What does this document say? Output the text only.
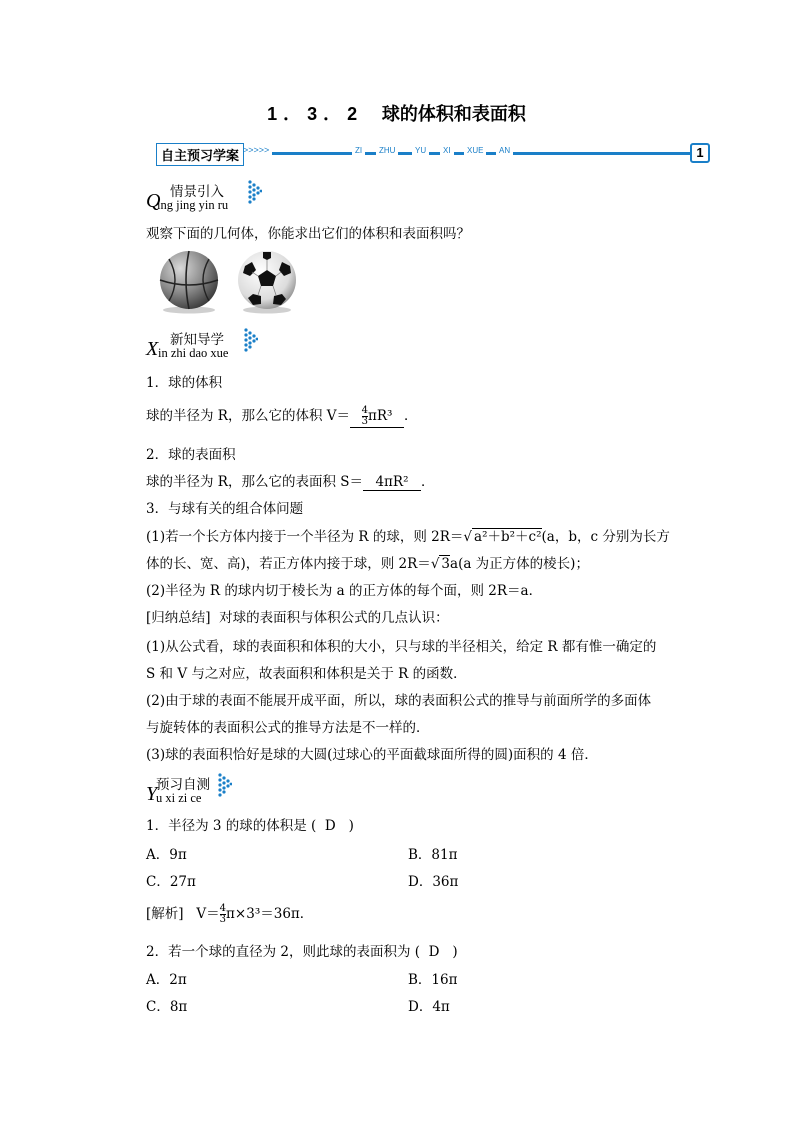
1．3．2 球的体积和表面积
自主预习学案 >>>>>	ZI	ZHU	YU	XI	XUE	AN	1
Q 情景引入
ing jing yin ru
观察下面的几何体，你能求出它们的体积和表面积吗？
X 新知导学
in zhi dao xue
1．球的体积
球的半径为 R，那么它的体积 $V= \frac{4}{3} \pi R^3$ ．
2．球的表面积
球的半径为 R，那么它的表面积 S＝ 4πR² ．
3．与球有关的组合体问题
(1)若一个长方体内接于一个半径为 R 的球，则 2R＝√ a²＋b²＋c²(a，b，c 分别为长方
体的长、宽、高)，若正方体内接于球，则 2R＝√ 3a(a 为正方体的棱长)；
(2)半径为 R 的球内切于棱长为 a 的正方体的每个面，则 2R＝a．
[归纳总结] 对球的表面积与体积公式的几点认识：
(1)从公式看，球的表面积和体积的大小，只与球的半径相关，给定 R 都有惟一确定的
S 和 V 与之对应，故表面积和体积是关于 R 的函数．
(2)由于球的表面不能展开成平面，所以，球的表面积公式的推导与前面所学的多面体
与旋转体的表面积公式的推导方法是不一样的．
(3)球的表面积恰好是球的大圆(过球心的平面截球面所得的圆)面积的 4 倍．
Y
预习自测
u xi zi ce
1．半径为 3 的球的体积是 ( D )
A．9π	B．81π
C．27π	D．36π
[解析] $V= \frac{4}{3} \pi\times 3^3=36\pi$．
2．若一个球的直径为 2，则此球的表面积为 ( D )
A．2π	B．16π
C．8π	D．4π
